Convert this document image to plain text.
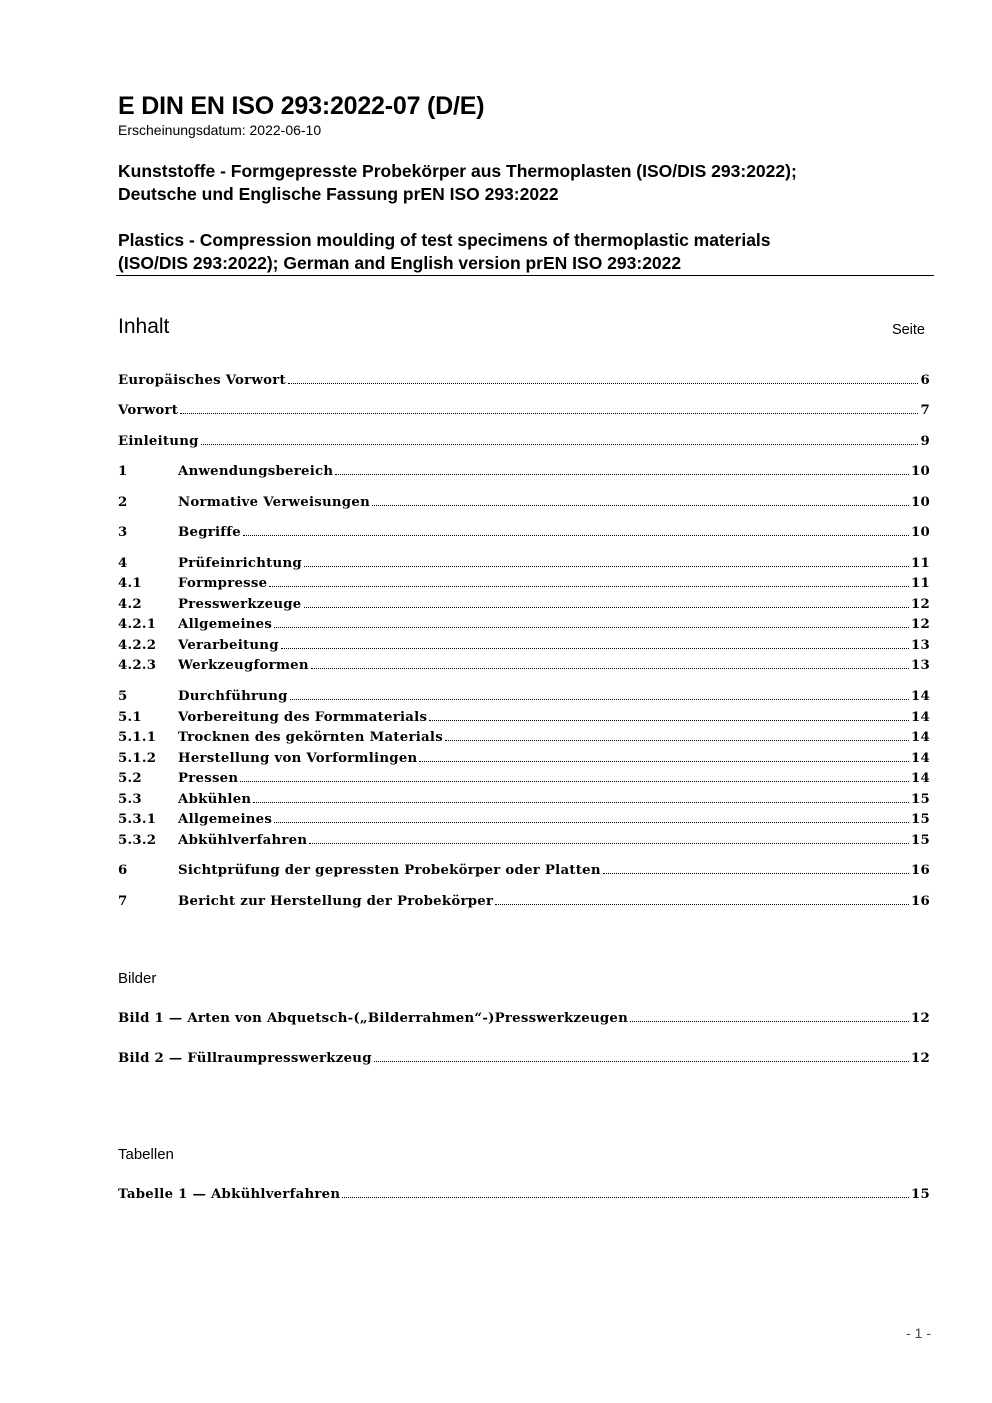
E DIN EN ISO 293:2022-07 (D/E)
Erscheinungsdatum: 2022-06-10
Kunststoffe - Formgepresste Probekörper aus Thermoplasten (ISO/DIS 293:2022);
Deutsche und Englische Fassung prEN ISO 293:2022
Plastics - Compression moulding of test specimens of thermoplastic materials
(ISO/DIS 293:2022); German and English version prEN ISO 293:2022
Inhalt	Seite
Europäisches Vorwort	6
Vorwort	7
Einleitung	9
1	Anwendungsbereich	10
2	Normative Verweisungen	10
3	Begriffe	10
4	Prüfeinrichtung	11
4.1	Formpresse	11
4.2	Presswerkzeuge	12
4.2.1	Allgemeines	12
4.2.2	Verarbeitung	13
4.2.3	Werkzeugformen	13
5	Durchführung	14
5.1	Vorbereitung des Formmaterials	14
5.1.1	Trocknen des gekörnten Materials	14
5.1.2	Herstellung von Vorformlingen	14
5.2	Pressen	14
5.3	Abkühlen	15
5.3.1	Allgemeines	15
5.3.2	Abkühlverfahren	15
6	Sichtprüfung der gepressten Probekörper oder Platten	16
7	Bericht zur Herstellung der Probekörper	16
Bilder
Bild 1 — Arten von Abquetsch-(„Bilderrahmen“-)Presswerkzeugen	12
Bild 2 — Füllraumpresswerkzeug	12
Tabellen
Tabelle 1 — Abkühlverfahren	15
- 1 -
